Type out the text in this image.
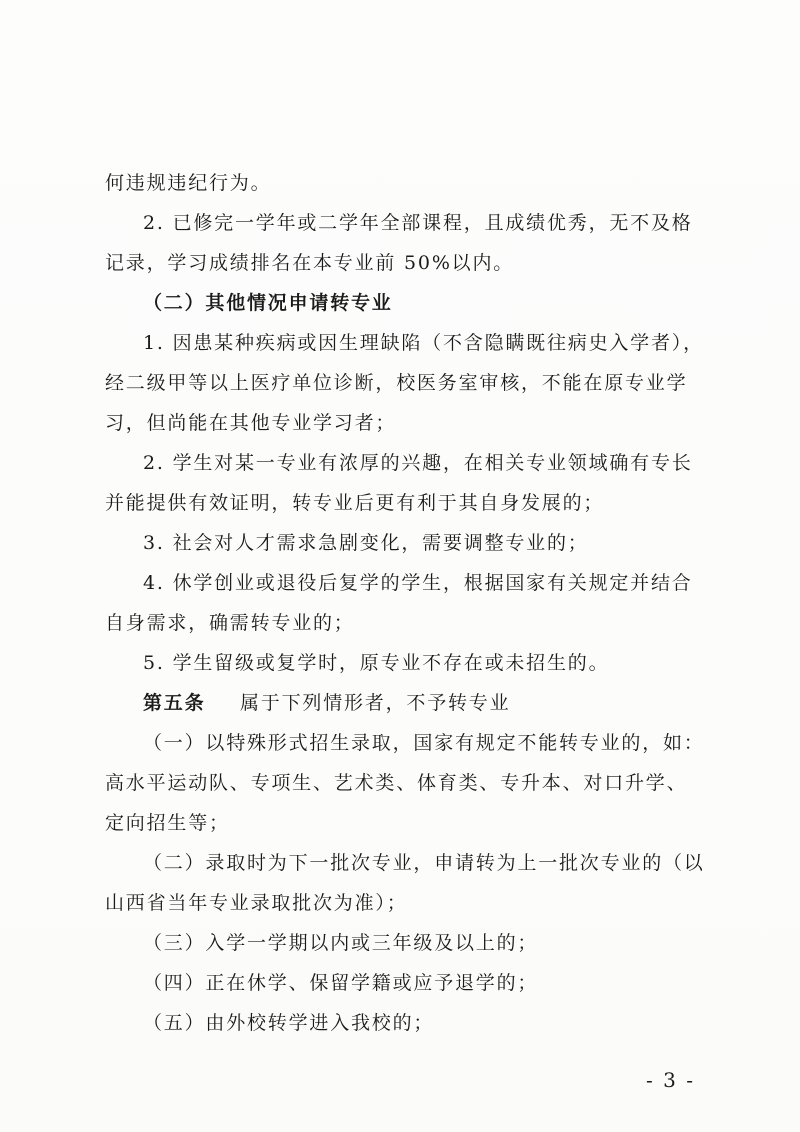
何违规违纪行为。
2. 已修完一学年或二学年全部课程，且成绩优秀，无不及格
记录，学习成绩排名在本专业前 50%以内。
（二）其他情况申请转专业
1. 因患某种疾病或因生理缺陷（不含隐瞒既往病史入学者），
经二级甲等以上医疗单位诊断，校医务室审核，不能在原专业学
习，但尚能在其他专业学习者；
2. 学生对某一专业有浓厚的兴趣，在相关专业领域确有专长
并能提供有效证明，转专业后更有利于其自身发展的；
3. 社会对人才需求急剧变化，需要调整专业的；
4. 休学创业或退役后复学的学生，根据国家有关规定并结合
自身需求，确需转专业的；
5. 学生留级或复学时，原专业不存在或未招生的。
第五条 属于下列情形者，不予转专业
（一）以特殊形式招生录取，国家有规定不能转专业的，如：
高水平运动队、专项生、艺术类、体育类、专升本、对口升学、
定向招生等；
（二）录取时为下一批次专业，申请转为上一批次专业的（以
山西省当年专业录取批次为准）；
（三）入学一学期以内或三年级及以上的；
（四）正在休学、保留学籍或应予退学的；
（五）由外校转学进入我校的；
- 3 -
